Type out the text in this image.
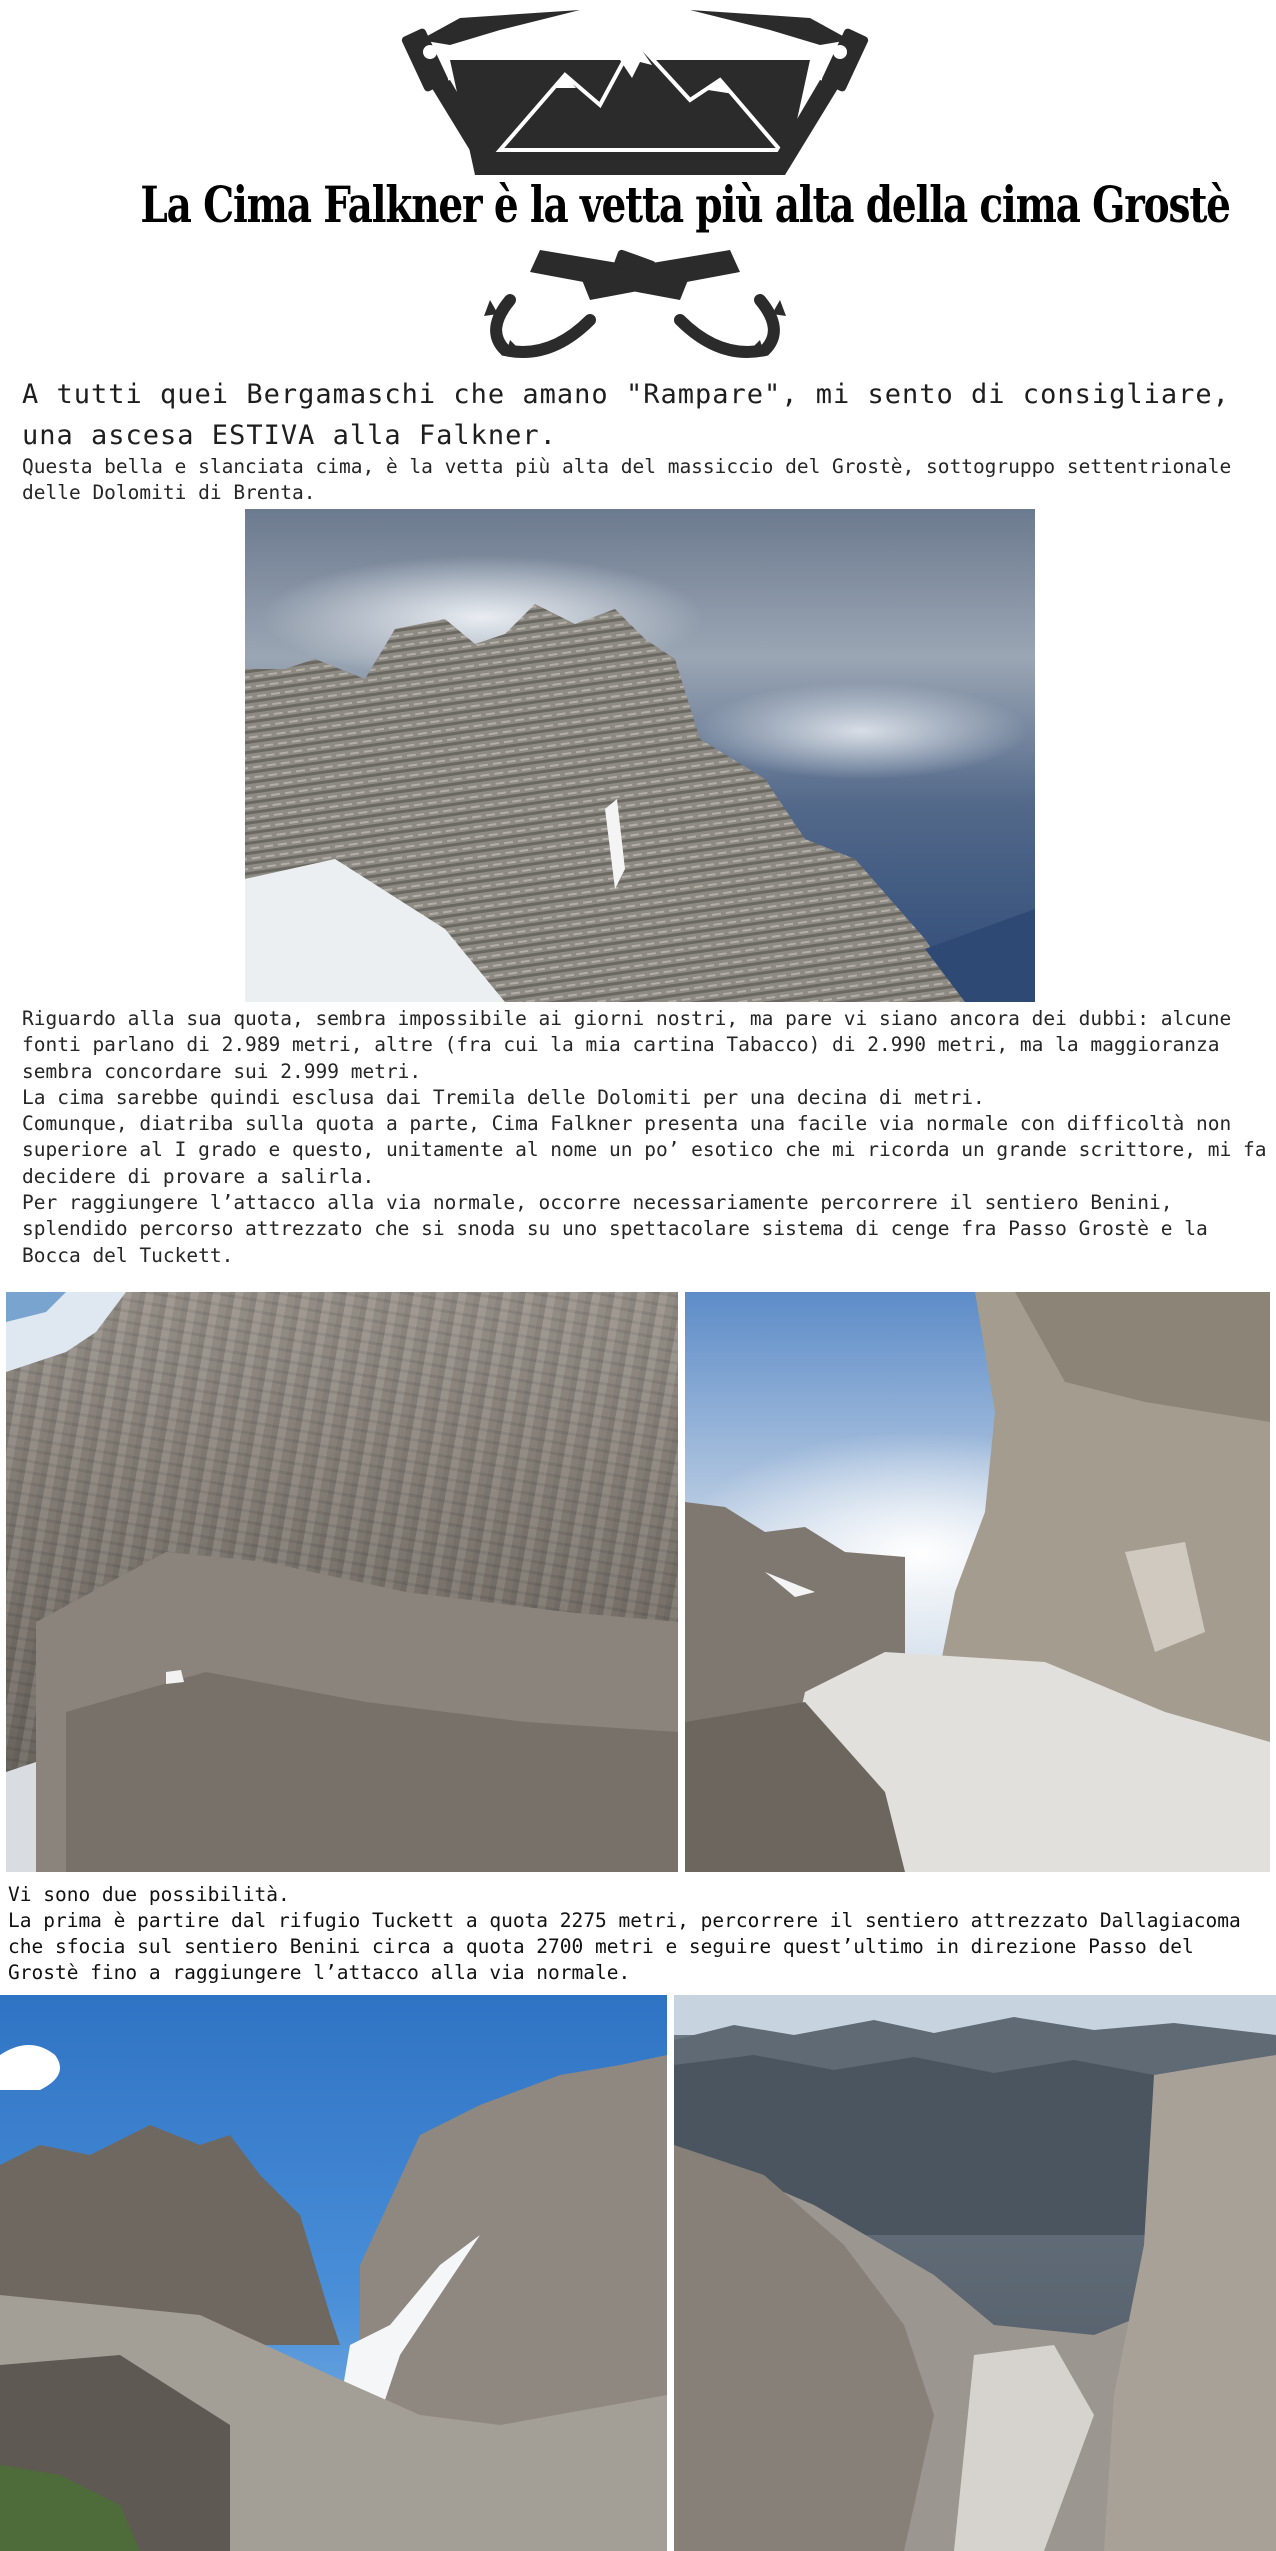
La Cima Falkner è la vetta più alta della cima Grostè
A tutti quei Bergamaschi che amano "Rampare", mi sento di consigliare, una ascesa ESTIVA alla Falkner.
Questa bella e slanciata cima, è la vetta più alta del massiccio del Grostè, sottogruppo settentrionale delle Dolomiti di Brenta.

Riguardo alla sua quota, sembra impossibile ai giorni nostri, ma pare vi siano ancora dei dubbi: alcune fonti parlano di 2.989 metri, altre (fra cui la mia cartina Tabacco) di 2.990 metri, ma la maggioranza sembra concordare sui 2.999 metri.

La cima sarebbe quindi esclusa dai Tremila delle Dolomiti per una decina di metri.

Comunque, diatriba sulla quota a parte, Cima Falkner presenta una facile via normale con difficoltà non superiore al I grado e questo, unitamente al nome un po’ esotico che mi ricorda un grande scrittore, mi fa decidere di provare a salirla.

Per raggiungere l’attacco alla via normale, occorre necessariamente percorrere il sentiero Benini, splendido percorso attrezzato che si snoda su uno spettacolare sistema di cenge fra Passo Grostè e la Bocca del Tuckett.

Vi sono due possibilità.

La prima è partire dal rifugio Tuckett a quota 2275 metri, percorrere il sentiero attrezzato Dallagiacoma che sfocia sul sentiero Benini circa a quota 2700 metri e seguire quest’ultimo in direzione Passo del Grostè fino a raggiungere l’attacco alla via normale.
